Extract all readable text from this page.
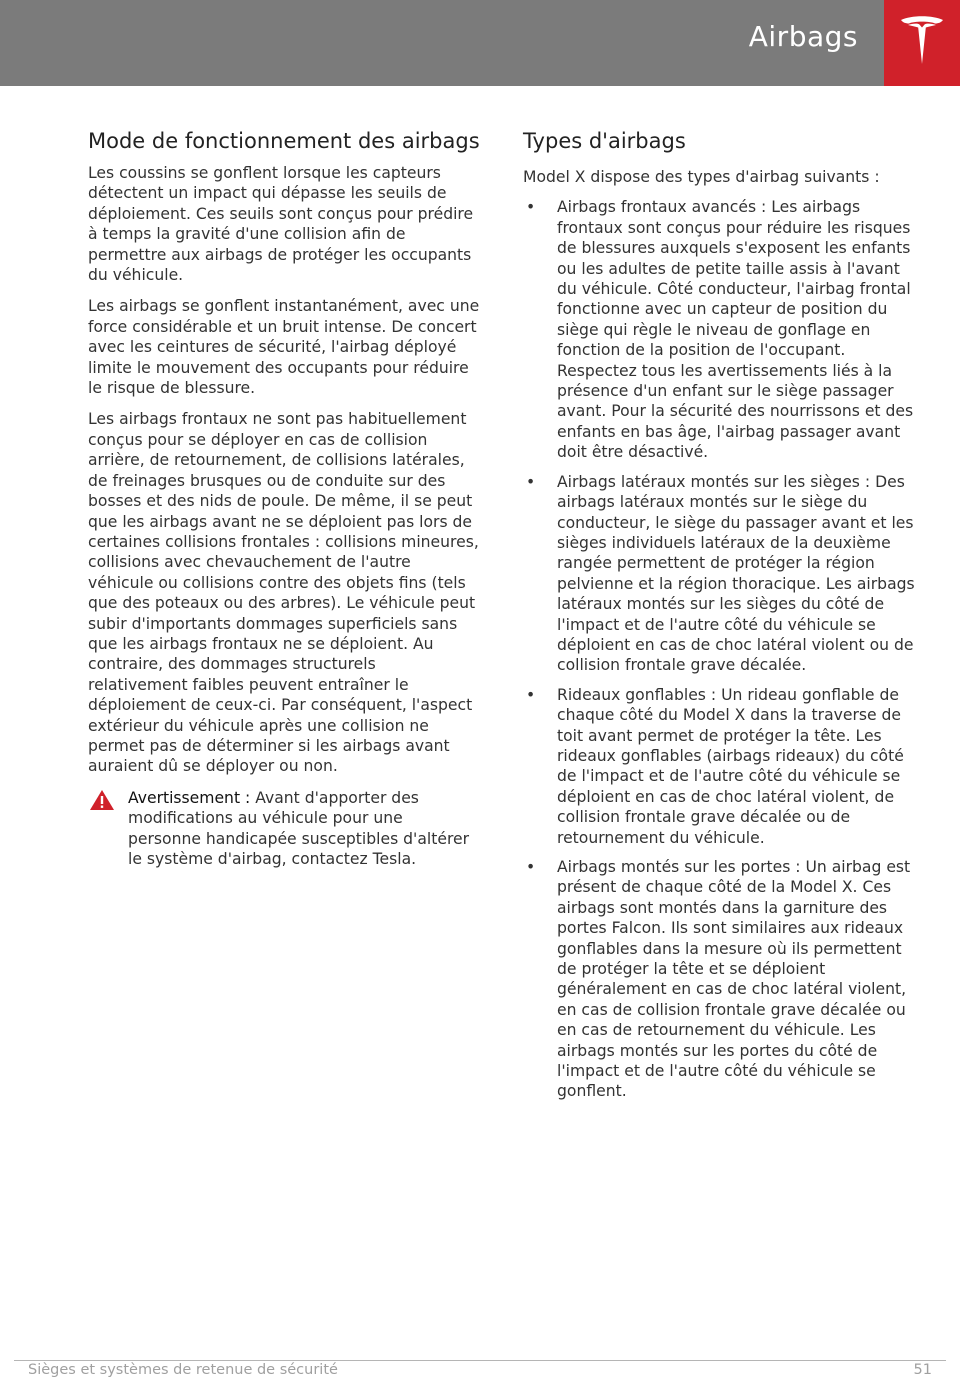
Airbags
Mode de fonctionnement des airbags

Les coussins se gonflent lorsque les capteurs détectent un impact qui dépasse les seuils de déploiement. Ces seuils sont conçus pour prédire à temps la gravité d'une collision afin de permettre aux airbags de protéger les occupants du véhicule.

Les airbags se gonflent instantanément, avec une force considérable et un bruit intense. De concert avec les ceintures de sécurité, l'airbag déployé limite le mouvement des occupants pour réduire le risque de blessure.

Les airbags frontaux ne sont pas habituellement conçus pour se déployer en cas de collision arrière, de retournement, de collisions latérales, de freinages brusques ou de conduite sur des bosses et des nids de poule. De même, il se peut que les airbags avant ne se déploient pas lors de certaines collisions frontales : collisions mineures, collisions avec chevauchement de l'autre véhicule ou collisions contre des objets fins (tels que des poteaux ou des arbres). Le véhicule peut subir d'importants dommages superficiels sans que les airbags frontaux ne se déploient. Au contraire, des dommages structurels relativement faibles peuvent entraîner le déploiement de ceux-ci. Par conséquent, l'aspect extérieur du véhicule après une collision ne permet pas de déterminer si les airbags avant auraient dû se déployer ou non.

Avertissement : Avant d'apporter des modifications au véhicule pour une personne handicapée susceptibles d'altérer le système d'airbag, contactez Tesla.
Types d'airbags

Model X dispose des types d'airbag suivants :

• Airbags frontaux avancés : Les airbags frontaux sont conçus pour réduire les risques de blessures auxquels s'exposent les enfants ou les adultes de petite taille assis à l'avant du véhicule. Côté conducteur, l'airbag frontal fonctionne avec un capteur de position du siège qui règle le niveau de gonflage en fonction de la position de l'occupant. Respectez tous les avertissements liés à la présence d'un enfant sur le siège passager avant. Pour la sécurité des nourrissons et des enfants en bas âge, l'airbag passager avant doit être désactivé.
• Airbags latéraux montés sur les sièges : Des airbags latéraux montés sur le siège du conducteur, le siège du passager avant et les sièges individuels latéraux de la deuxième rangée permettent de protéger la région pelvienne et la région thoracique. Les airbags latéraux montés sur les sièges du côté de l'impact et de l'autre côté du véhicule se déploient en cas de choc latéral violent ou de collision frontale grave décalée.
• Rideaux gonflables : Un rideau gonflable de chaque côté du Model X dans la traverse de toit avant permet de protéger la tête. Les rideaux gonflables (airbags rideaux) du côté de l'impact et de l'autre côté du véhicule se déploient en cas de choc latéral violent, de collision frontale grave décalée ou de retournement du véhicule.
• Airbags montés sur les portes : Un airbag est présent de chaque côté de la Model X. Ces airbags sont montés dans la garniture des portes Falcon. Ils sont similaires aux rideaux gonflables dans la mesure où ils permettent de protéger la tête et se déploient généralement en cas de choc latéral violent, en cas de collision frontale grave décalée ou en cas de retournement du véhicule. Les airbags montés sur les portes du côté de l'impact et de l'autre côté du véhicule se gonflent.
Sièges et systèmes de retenue de sécurité	51
